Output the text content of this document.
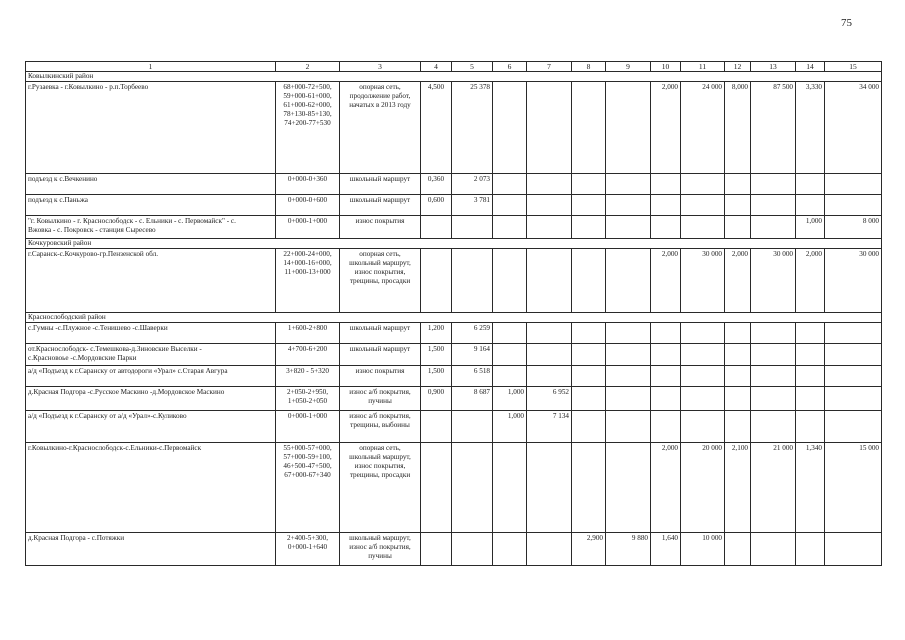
75
1	2	3	4	5	6	7	8	9	10	11	12	13	14	15
Ковылкинский район														
г.Рузаевка - г.Ковылкино - р.п.Торбеево	68+000-72+500,
59+000-61+000,
61+000-62+000,
78+130-85+130,
74+200-77+530	опорная сеть,
продолжение работ,
начатых в 2013 году	4,500	25 378					2,000	24 000	8,000	87 500	3,330	34 000
подъезд к с.Вечкенино	0+000-0+360	школьный маршрут	0,360	2 073										
подъезд к с.Паньжа	0+000-0+600	школьный маршрут	0,600	3 781										
"г. Ковылкино - г. Краснослободск - с. Ельники - с. Первомайск" - с.
Вжовка - с. Покровск - станция Сыресево	0+000-1+000	износ покрытия											1,000	8 000
Кочкуровский район														
г.Саранск-с.Кочкурово-гр.Пензенской обл.	22+000-24+000,
14+000-16+000,
11+000-13+000	опорная сеть,
школьный маршрут,
износ покрытия,
трещины, просадки							2,000	30 000	2,000	30 000	2,000	30 000
Краснослободский район														
с.Гумны -с.Плужное -с.Тенишево -с.Шаверки	1+600-2+800	школьный маршрут	1,200	6 259										
от.Краснослободск- с.Темешкова-д.Зиновские Выселки -
с.Красновоье -с.Мордовские Парки	4+700-6+200	школьный маршрут	1,500	9 164										
а/д «Подъезд к г.Саранску от автодороги «Урал» с.Старая Авгура	3+820 - 5+320	износ покрытия	1,500	6 518										
д.Красная Подгора -с.Русское Маскино -д.Мордовское Маскино	2+050-2+950,
1+050-2+050	износ а/б покрытия,
пучины	0,900	8 687	1,000	6 952								
а/д «Подъезд к г.Саранску от а/д «Урал»-с.Куликово	0+000-1+000	износ а/б покрытия,
трещины, выбоины			1,000	7 134								
г.Ковылкино-г.Краснослободск-с.Ельники-с.Первомайск	55+000-57+000,
57+000-59+100,
46+500-47+500,
67+000-67+340	опорная сеть,
школьный маршрут,
износ покрытия,
трещины, просадки							2,000	20 000	2,100	21 000	1,340	15 000
д.Красная Подгора - с.Потяжки	2+400-5+300,
0+000-1+640	школьный маршрут,
износ а/б покрытия,
пучины					2,900	9 880	1,640	10 000				
